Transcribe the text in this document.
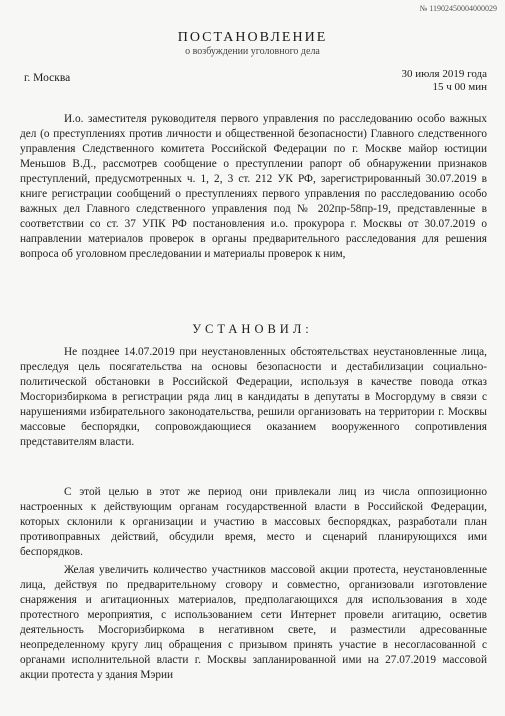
№ 11902450004000029
ПОСТАНОВЛЕНИЕ
о возбуждении уголовного дела
г. Москва	30 июля 2019 года
15 ч 00 мин
И.о. заместителя руководителя первого управления по расследованию особо важных дел (о преступлениях против личности и общественной безопасности) Главного следственного управления Следственного комитета Российской Федерации по г. Москве майор юстиции Меньшов В.Д., рассмотрев сообщение о преступлении рапорт об обнаружении признаков преступлений, предусмотренных ч. 1, 2, 3 ст. 212 УК РФ, зарегистрированный 30.07.2019 в книге регистрации сообщений о преступлениях первого управления по расследованию особо важных дел Главного следственного управления под № 202пр-58пр-19, представленные в соответствии со ст. 37 УПК РФ постановления и.о. прокурора г. Москвы от 30.07.2019 о направлении материалов проверок в органы предварительного расследования для решения вопроса об уголовном преследовании и материалы проверок к ним,
УСТАНОВИЛ:
Не позднее 14.07.2019 при неустановленных обстоятельствах неустановленные лица, преследуя цель посягательства на основы безопасности и дестабилизации социально-политической обстановки в Российской Федерации, используя в качестве повода отказ Мосгоризбиркома в регистрации ряда лиц в кандидаты в депутаты в Мосгордуму в связи с нарушениями избирательного законодательства, решили организовать на территории г. Москвы массовые беспорядки, сопровождающиеся оказанием вооруженного сопротивления представителям власти.
С этой целью в этот же период они привлекали лиц из числа оппозиционно настроенных к действующим органам государственной власти в Российской Федерации, которых склонили к организации и участию в массовых беспорядках, разработали план противоправных действий, обсудили время, место и сценарий планирующихся ими беспорядков.
Желая увеличить количество участников массовой акции протеста, неустановленные лица, действуя по предварительному сговору и совместно, организовали изготовление снаряжения и агитационных материалов, предполагающихся для использования в ходе протестного мероприятия, с использованием сети Интернет провели агитацию, осветив деятельность Мосгоризбиркома в негативном свете, и разместили адресованные неопределенному кругу лиц обращения с призывом принять участие в несогласованной с органами исполнительной власти г. Москвы запланированной ими на 27.07.2019 массовой акции протеста у здания Мэрии
